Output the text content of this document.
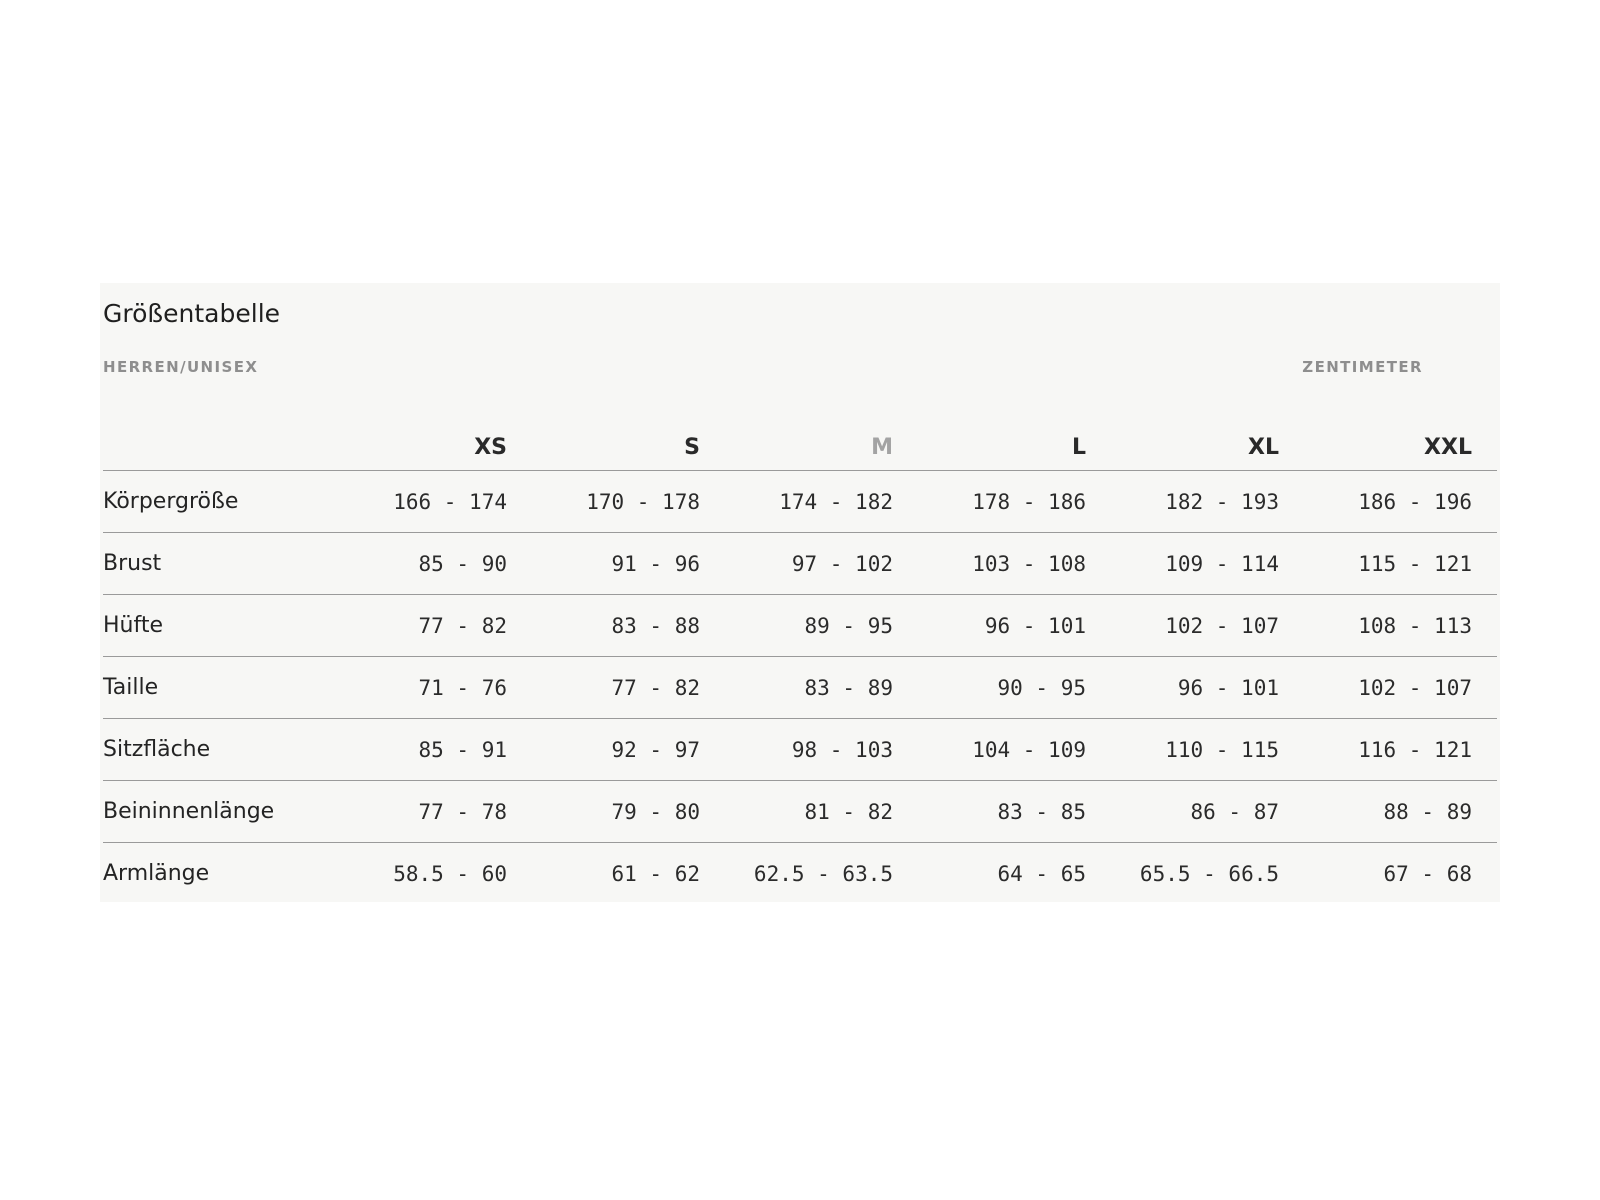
Größentabelle
HERREN/UNISEX	ZENTIMETER
	XS	S	M	L	XL	XXL
Körpergröße	166 - 174	170 - 178	174 - 182	178 - 186	182 - 193	186 - 196
Brust	85 - 90	91 - 96	97 - 102	103 - 108	109 - 114	115 - 121
Hüfte	77 - 82	83 - 88	89 - 95	96 - 101	102 - 107	108 - 113
Taille	71 - 76	77 - 82	83 - 89	90 - 95	96 - 101	102 - 107
Sitzfläche	85 - 91	92 - 97	98 - 103	104 - 109	110 - 115	116 - 121
Beininnenlänge	77 - 78	79 - 80	81 - 82	83 - 85	86 - 87	88 - 89
Armlänge	58.5 - 60	61 - 62	62.5 - 63.5	64 - 65	65.5 - 66.5	67 - 68
